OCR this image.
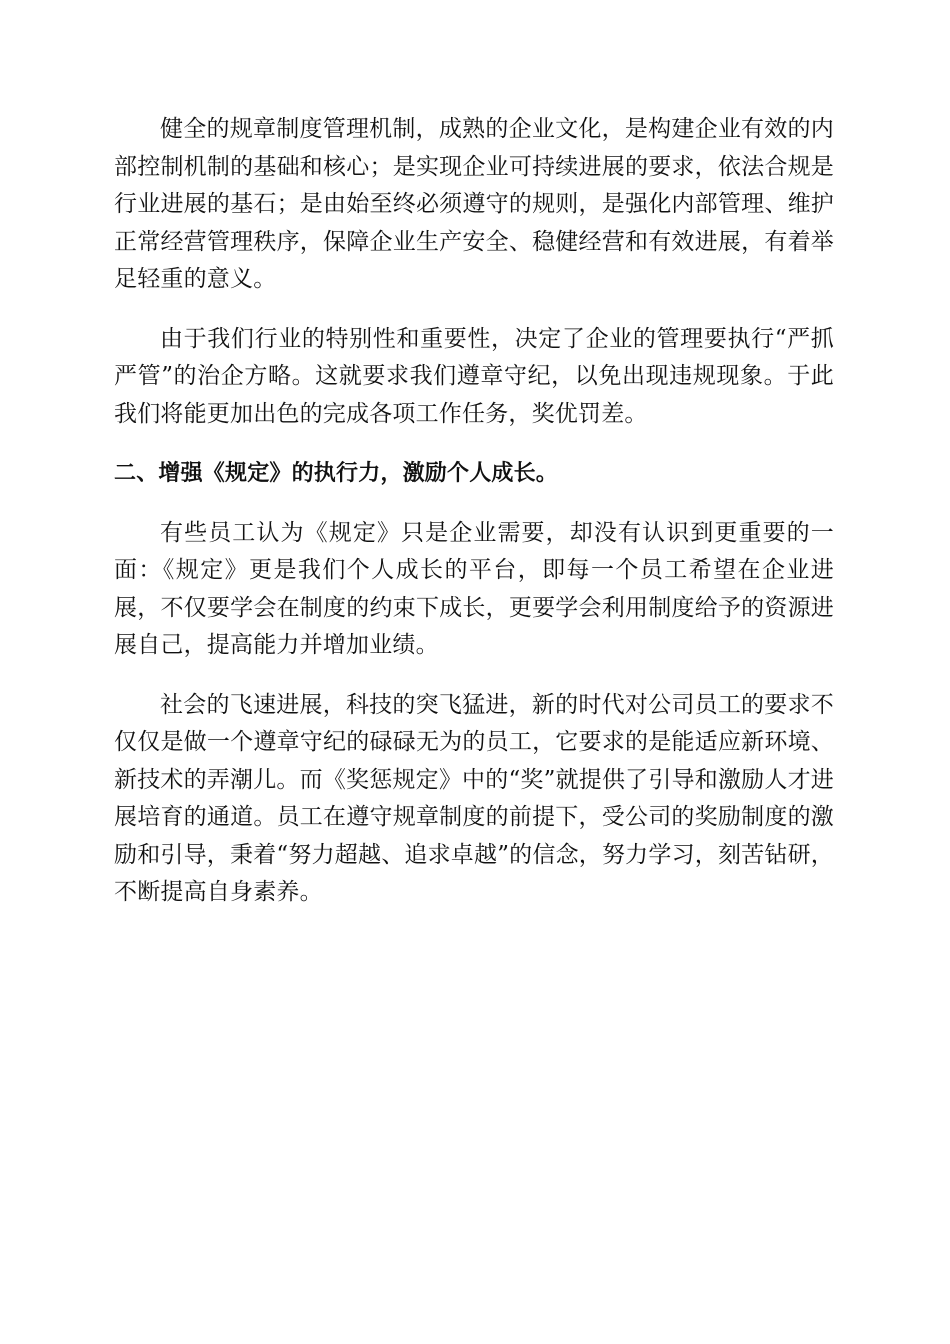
健全的规章制度管理机制，成熟的企业文化，是构建企业有效的内部控制机制的基础和核心；是实现企业可持续进展的要求，依法合规是行业进展的基石；是由始至终必须遵守的规则，是强化内部管理、维护正常经营管理秩序，保障企业生产安全、稳健经营和有效进展，有着举足轻重的意义。

由于我们行业的特别性和重要性，决定了企业的管理要执行“严抓严管”的治企方略。这就要求我们遵章守纪，以免出现违规现象。于此我们将能更加出色的完成各项工作任务，奖优罚差。

二、增强《规定》的执行力，激励个人成长。

有些员工认为《规定》只是企业需要，却没有认识到更重要的一面：《规定》更是我们个人成长的平台，即每一个员工希望在企业进展，不仅要学会在制度的约束下成长，更要学会利用制度给予的资源进展自己，提高能力并增加业绩。

社会的飞速进展，科技的突飞猛进，新的时代对公司员工的要求不仅仅是做一个遵章守纪的碌碌无为的员工，它要求的是能适应新环境、新技术的弄潮儿。而《奖惩规定》中的“奖”就提供了引导和激励人才进展培育的通道。员工在遵守规章制度的前提下，受公司的奖励制度的激励和引导，秉着“努力超越、追求卓越”的信念，努力学习，刻苦钻研，不断提高自身素养。
